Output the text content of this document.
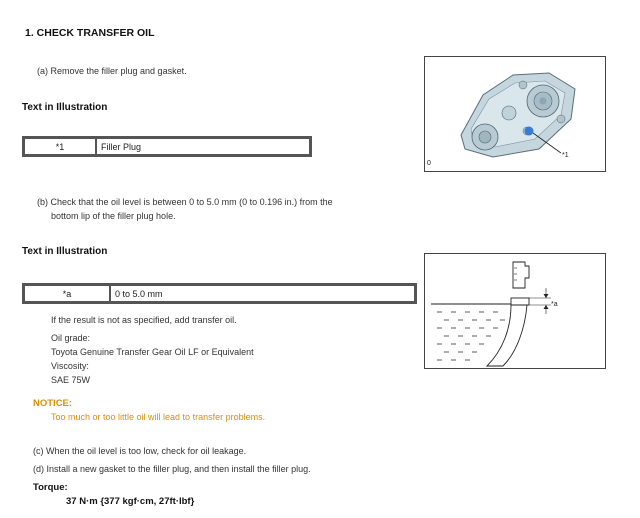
1. CHECK TRANSFER OIL
(a) Remove the filler plug and gasket.
Text in Illustration
*1	Filler Plug
*1
0
(b) Check that the oil level is between 0 to 5.0 mm (0 to 0.196 in.) from the
bottom lip of the filler plug hole.
Text in Illustration
*a	0 to 5.0 mm
*a
If the result is not as specified, add transfer oil.
Oil grade:
Toyota Genuine Transfer Gear Oil LF or Equivalent
Viscosity:
SAE 75W
NOTICE:
Too much or too little oil will lead to transfer problems.
(c) When the oil level is too low, check for oil leakage.
(d) Install a new gasket to the filler plug, and then install the filler plug.
Torque:
37 N·m {377 kgf·cm, 27ft·lbf}
